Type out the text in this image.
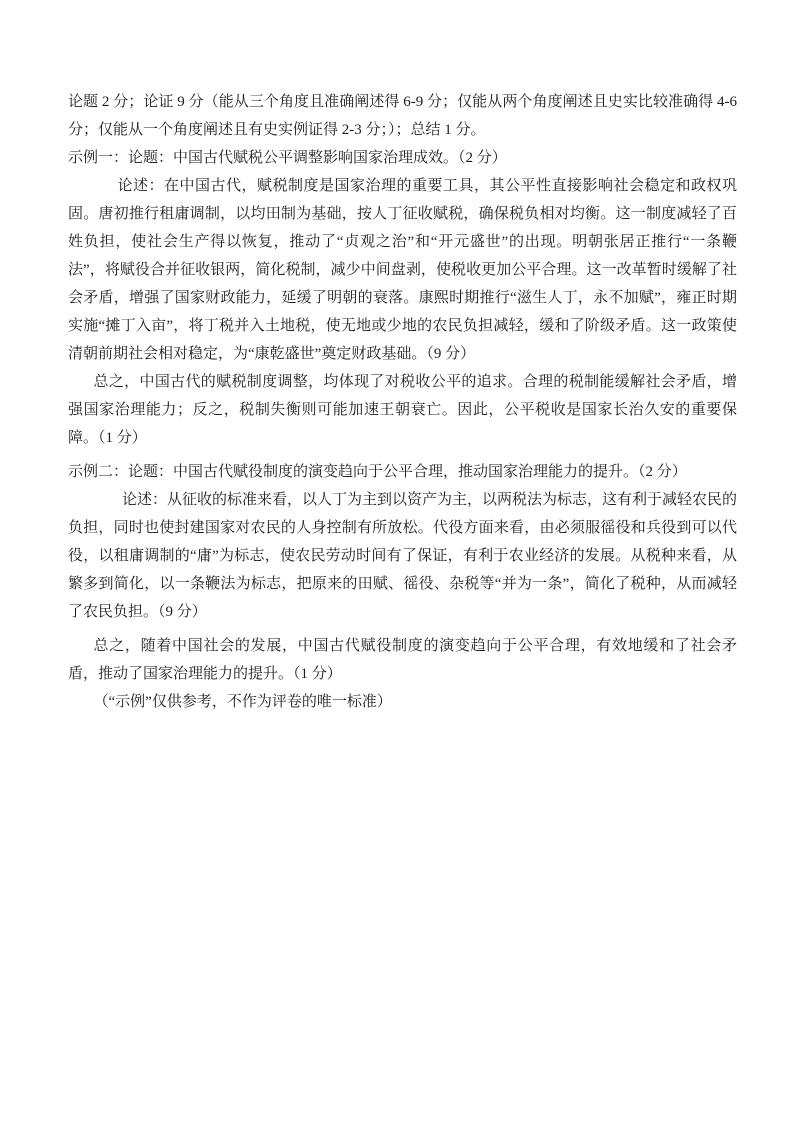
论题 2 分；论证 9 分（能从三个角度且准确阐述得 6-9 分；仅能从两个角度阐述且史实比较准确得 4-6 分；仅能从一个角度阐述且有史实例证得 2-3 分；）；总结 1 分。

示例一：论题：中国古代赋税公平调整影响国家治理成效。（2 分）

论述：在中国古代，赋税制度是国家治理的重要工具，其公平性直接影响社会稳定和政权巩固。唐初推行租庸调制，以均田制为基础，按人丁征收赋税，确保税负相对均衡。这一制度减轻了百姓负担，使社会生产得以恢复，推动了“贞观之治”和“开元盛世”的出现。明朝张居正推行“一条鞭法”，将赋役合并征收银两，简化税制，减少中间盘剥，使税收更加公平合理。这一改革暂时缓解了社会矛盾，增强了国家财政能力，延缓了明朝的衰落。康熙时期推行“滋生人丁，永不加赋”，雍正时期实施“摊丁入亩”，将丁税并入土地税，使无地或少地的农民负担减轻，缓和了阶级矛盾。这一政策使清朝前期社会相对稳定，为“康乾盛世”奠定财政基础。（9 分）

总之，中国古代的赋税制度调整，均体现了对税收公平的追求。合理的税制能缓解社会矛盾，增强国家治理能力；反之，税制失衡则可能加速王朝衰亡。因此，公平税收是国家长治久安的重要保障。（1 分）

示例二：论题：中国古代赋役制度的演变趋向于公平合理，推动国家治理能力的提升。（2 分）

论述：从征收的标准来看，以人丁为主到以资产为主，以两税法为标志，这有利于减轻农民的负担，同时也使封建国家对农民的人身控制有所放松。代役方面来看，由必须服徭役和兵役到可以代役，以租庸调制的“庸”为标志，使农民劳动时间有了保证，有利于农业经济的发展。从税种来看，从繁多到简化，以一条鞭法为标志，把原来的田赋、徭役、杂税等“并为一条”，简化了税种，从而减轻了农民负担。（9 分）

总之，随着中国社会的发展，中国古代赋役制度的演变趋向于公平合理，有效地缓和了社会矛盾，推动了国家治理能力的提升。（1 分）

（“示例”仅供参考，不作为评卷的唯一标准）
